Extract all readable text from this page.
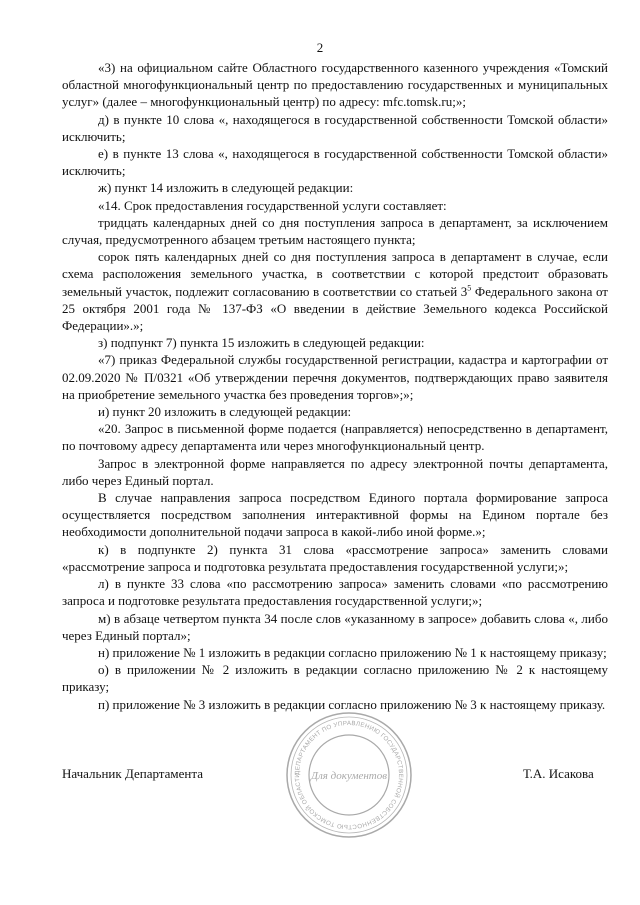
2

«3) на официальном сайте Областного государственного казенного учреждения «Томский областной многофункциональный центр по предоставлению государственных и муниципальных услуг» (далее – многофункциональный центр) по адресу: mfc.tomsk.ru;»;

д) в пункте 10 слова «, находящегося в государственной собственности Томской области» исключить;

е) в пункте 13 слова «, находящегося в государственной собственности Томской области» исключить;

ж) пункт 14 изложить в следующей редакции:

«14. Срок предоставления государственной услуги составляет:

тридцать календарных дней со дня поступления запроса в департамент, за исключением случая, предусмотренного абзацем третьим настоящего пункта;

сорок пять календарных дней со дня поступления запроса в департамент в случае, если схема расположения земельного участка, в соответствии с которой предстоит образовать земельный участок, подлежит согласованию в соответствии со статьей $3^5$ Федерального закона от 25 октября 2001 года № 137-ФЗ «О введении в действие Земельного кодекса Российской Федерации».»;

з) подпункт 7) пункта 15 изложить в следующей редакции:

«7) приказ Федеральной службы государственной регистрации, кадастра и картографии от 02.09.2020 № П/0321 «Об утверждении перечня документов, подтверждающих право заявителя на приобретение земельного участка без проведения торгов»;»;

и) пункт 20 изложить в следующей редакции:

«20. Запрос в письменной форме подается (направляется) непосредственно в департамент, по почтовому адресу департамента или через многофункциональный центр.

Запрос в электронной форме направляется по адресу электронной почты департамента, либо через Единый портал.

В случае направления запроса посредством Единого портала формирование запроса осуществляется посредством заполнения интерактивной формы на Едином портале без необходимости дополнительной подачи запроса в какой-либо иной форме.»;

к) в подпункте 2) пункта 31 слова «рассмотрение запроса» заменить словами «рассмотрение запроса и подготовка результата предоставления государственной услуги;»;

л) в пункте 33 слова «по рассмотрению запроса» заменить словами «по рассмотрению запроса и подготовке результата предоставления государственной услуги;»;

м) в абзаце четвертом пункта 34 после слов «указанному в запросе» добавить слова «, либо через Единый портал»;

н) приложение № 1 изложить в редакции согласно приложению № 1 к настоящему приказу;

о) в приложении № 2 изложить в редакции согласно приложению № 2 к настоящему приказу;

п) приложение № 3 изложить в редакции согласно приложению № 3 к настоящему приказу.

ДЕПАРТАМЕНТ ПО УПРАВЛЕНИЮ ГОСУДАРСТВЕННОЙ СОБСТВЕННОСТЬЮ ТОМСКОЙ ОБЛАСТИ Для документов
Начальник Департамента	Т.А. Исакова
